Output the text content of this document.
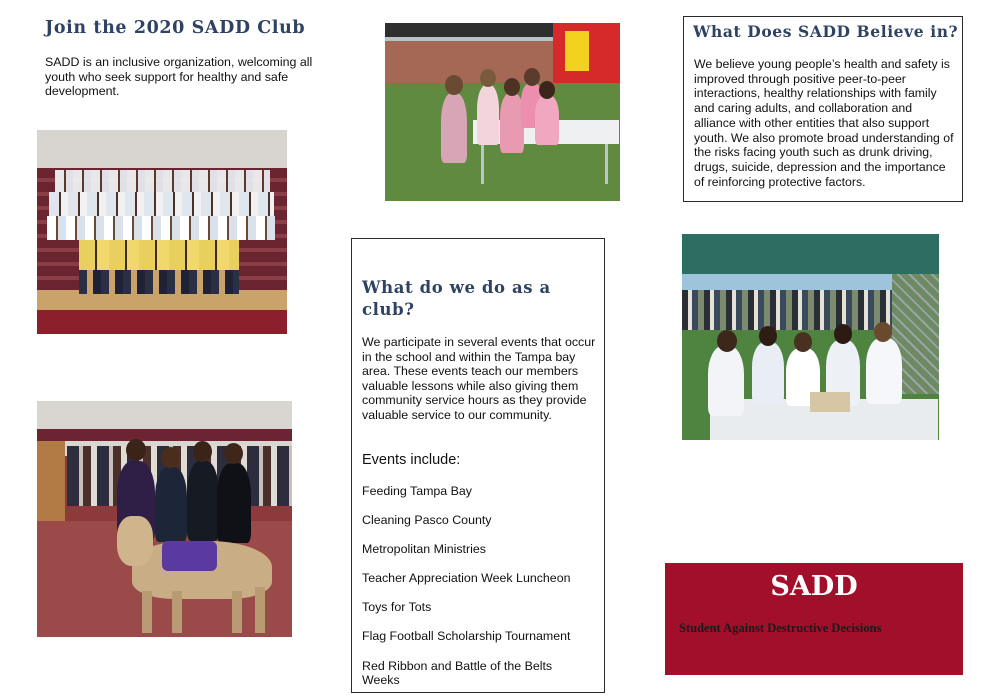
Join the 2020 SADD Club
SADD is an inclusive organization, welcoming all youth who seek support for healthy and safe development.
What Does SADD Believe in?
We believe young people’s health and safety is improved through positive peer-to-peer interactions, healthy relationships with family and caring adults, and collaboration and alliance with other entities that also support youth. We also promote broad understanding of the risks facing youth such as drunk driving, drugs, suicide, depression and the importance of reinforcing protective factors.
What do we do as a
club?
We participate in several events that occur in the school and within the Tampa bay area. These events teach our members valuable lessons while also giving them community service hours as they provide valuable service to our community.
Events include:
Feeding Tampa Bay
Cleaning Pasco County
Metropolitan Ministries
Teacher Appreciation Week Luncheon
Toys for Tots
Flag Football Scholarship Tournament
Red Ribbon and Battle of the Belts Weeks
SADD
Student Against Destructive Decisions
